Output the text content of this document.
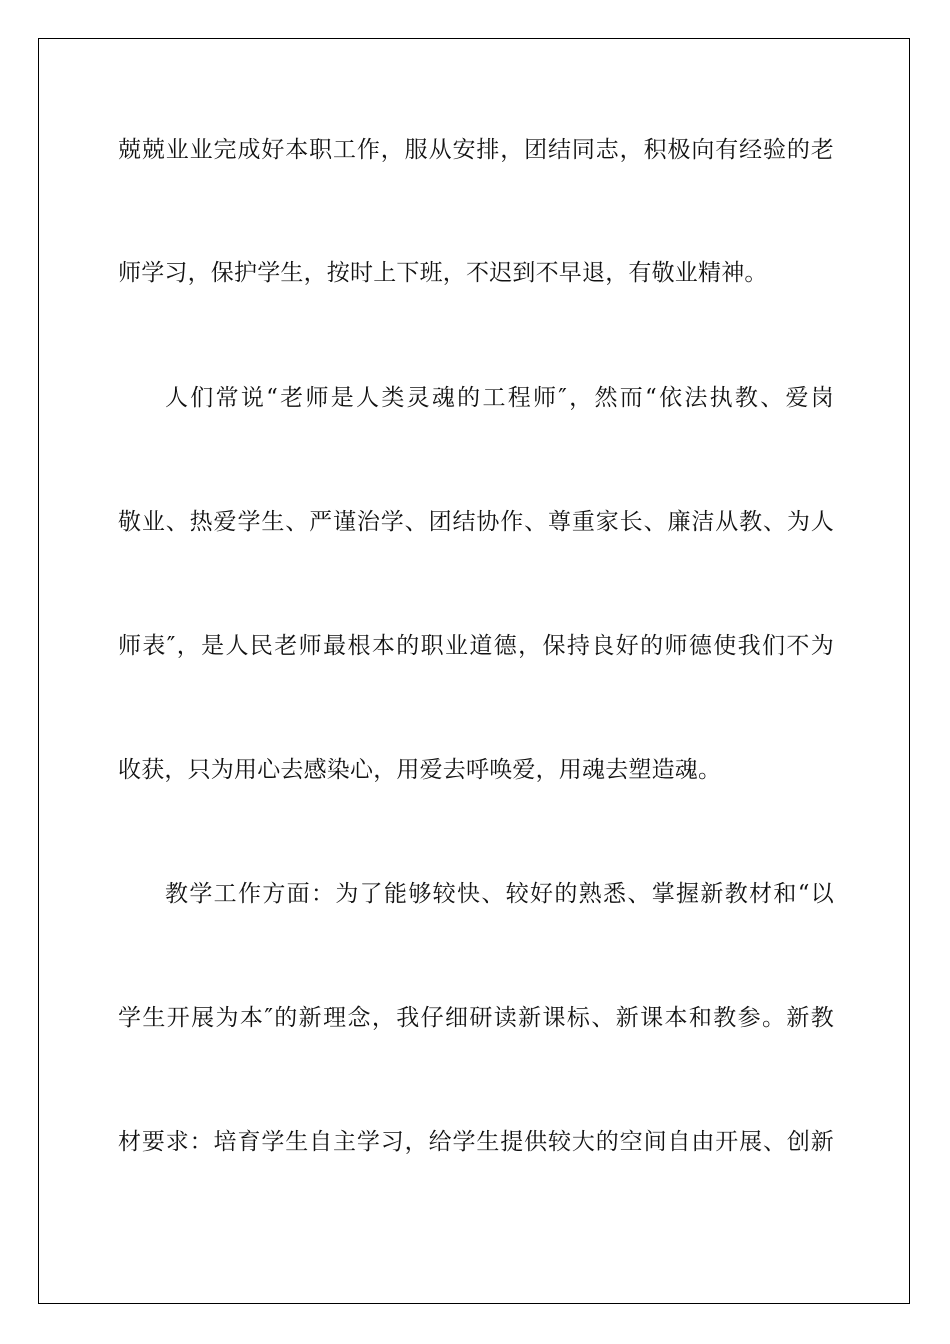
兢兢业业完成好本职工作，服从安排，团结同志，积极向有经验的老
师学习，保护学生，按时上下班，不迟到不早退，有敬业精神。
人们常说“老师是人类灵魂的工程师″，然而“依法执教、爱岗
敬业、热爱学生、严谨治学、团结协作、尊重家长、廉洁从教、为人
师表″，是人民老师最根本的职业道德，保持良好的师德使我们不为
收获，只为用心去感染心，用爱去呼唤爱，用魂去塑造魂。
教学工作方面：为了能够较快、较好的熟悉、掌握新教材和“以
学生开展为本″的新理念，我仔细研读新课标、新课本和教参。新教
材要求：培育学生自主学习，给学生提供较大的空间自由开展、创新
